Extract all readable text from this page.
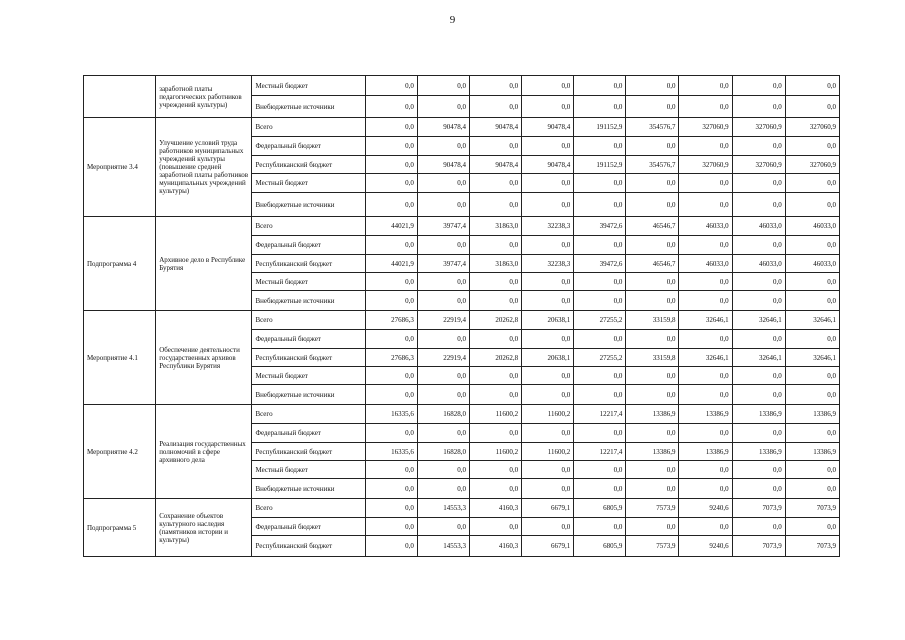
9
	заработной платы педагогических работников учреждений культуры)	Местный бюджет	0,0	0,0	0,0	0,0	0,0	0,0	0,0	0,0	0,0
		Внебюджетные источники	0,0	0,0	0,0	0,0	0,0	0,0	0,0	0,0	0,0
Мероприятие 3.4	Улучшение условий труда работников муниципальных учреждений культуры (повышение средней заработной платы работников муниципальных учреждений культуры)	Всего	0,0	90478,4	90478,4	90478,4	191152,9	354576,7	327060,9	327060,9	327060,9
		Федеральный бюджет	0,0	0,0	0,0	0,0	0,0	0,0	0,0	0,0	0,0
		Республиканский бюджет	0,0	90478,4	90478,4	90478,4	191152,9	354576,7	327060,9	327060,9	327060,9
		Местный бюджет	0,0	0,0	0,0	0,0	0,0	0,0	0,0	0,0	0,0
		Внебюджетные источники	0,0	0,0	0,0	0,0	0,0	0,0	0,0	0,0	0,0
Подпрограмма 4	Архивное дело в Республике Бурятия	Всего	44021,9	39747,4	31863,0	32238,3	39472,6	46546,7	46033,0	46033,0	46033,0
		Федеральный бюджет	0,0	0,0	0,0	0,0	0,0	0,0	0,0	0,0	0,0
		Республиканский бюджет	44021,9	39747,4	31863,0	32238,3	39472,6	46546,7	46033,0	46033,0	46033,0
		Местный бюджет	0,0	0,0	0,0	0,0	0,0	0,0	0,0	0,0	0,0
		Внебюджетные источники	0,0	0,0	0,0	0,0	0,0	0,0	0,0	0,0	0,0
Мероприятие 4.1	Обеспечение деятельности государственных архивов Республики Бурятия	Всего	27686,3	22919,4	20262,8	20638,1	27255,2	33159,8	32646,1	32646,1	32646,1
		Федеральный бюджет	0,0	0,0	0,0	0,0	0,0	0,0	0,0	0,0	0,0
		Республиканский бюджет	27686,3	22919,4	20262,8	20638,1	27255,2	33159,8	32646,1	32646,1	32646,1
		Местный бюджет	0,0	0,0	0,0	0,0	0,0	0,0	0,0	0,0	0,0
		Внебюджетные источники	0,0	0,0	0,0	0,0	0,0	0,0	0,0	0,0	0,0
Мероприятие 4.2	Реализация государственных полномочий в сфере архивного дела	Всего	16335,6	16828,0	11600,2	11600,2	12217,4	13386,9	13386,9	13386,9	13386,9
		Федеральный бюджет	0,0	0,0	0,0	0,0	0,0	0,0	0,0	0,0	0,0
		Республиканский бюджет	16335,6	16828,0	11600,2	11600,2	12217,4	13386,9	13386,9	13386,9	13386,9
		Местный бюджет	0,0	0,0	0,0	0,0	0,0	0,0	0,0	0,0	0,0
		Внебюджетные источники	0,0	0,0	0,0	0,0	0,0	0,0	0,0	0,0	0,0
Подпрограмма 5	Сохранение объектов культурного наследия (памятников истории и культуры)	Всего	0,0	14553,3	4160,3	6679,1	6805,9	7573,9	9240,6	7073,9	7073,9
		Федеральный бюджет	0,0	0,0	0,0	0,0	0,0	0,0	0,0	0,0	0,0
		Республиканский бюджет	0,0	14553,3	4160,3	6679,1	6805,9	7573,9	9240,6	7073,9	7073,9
